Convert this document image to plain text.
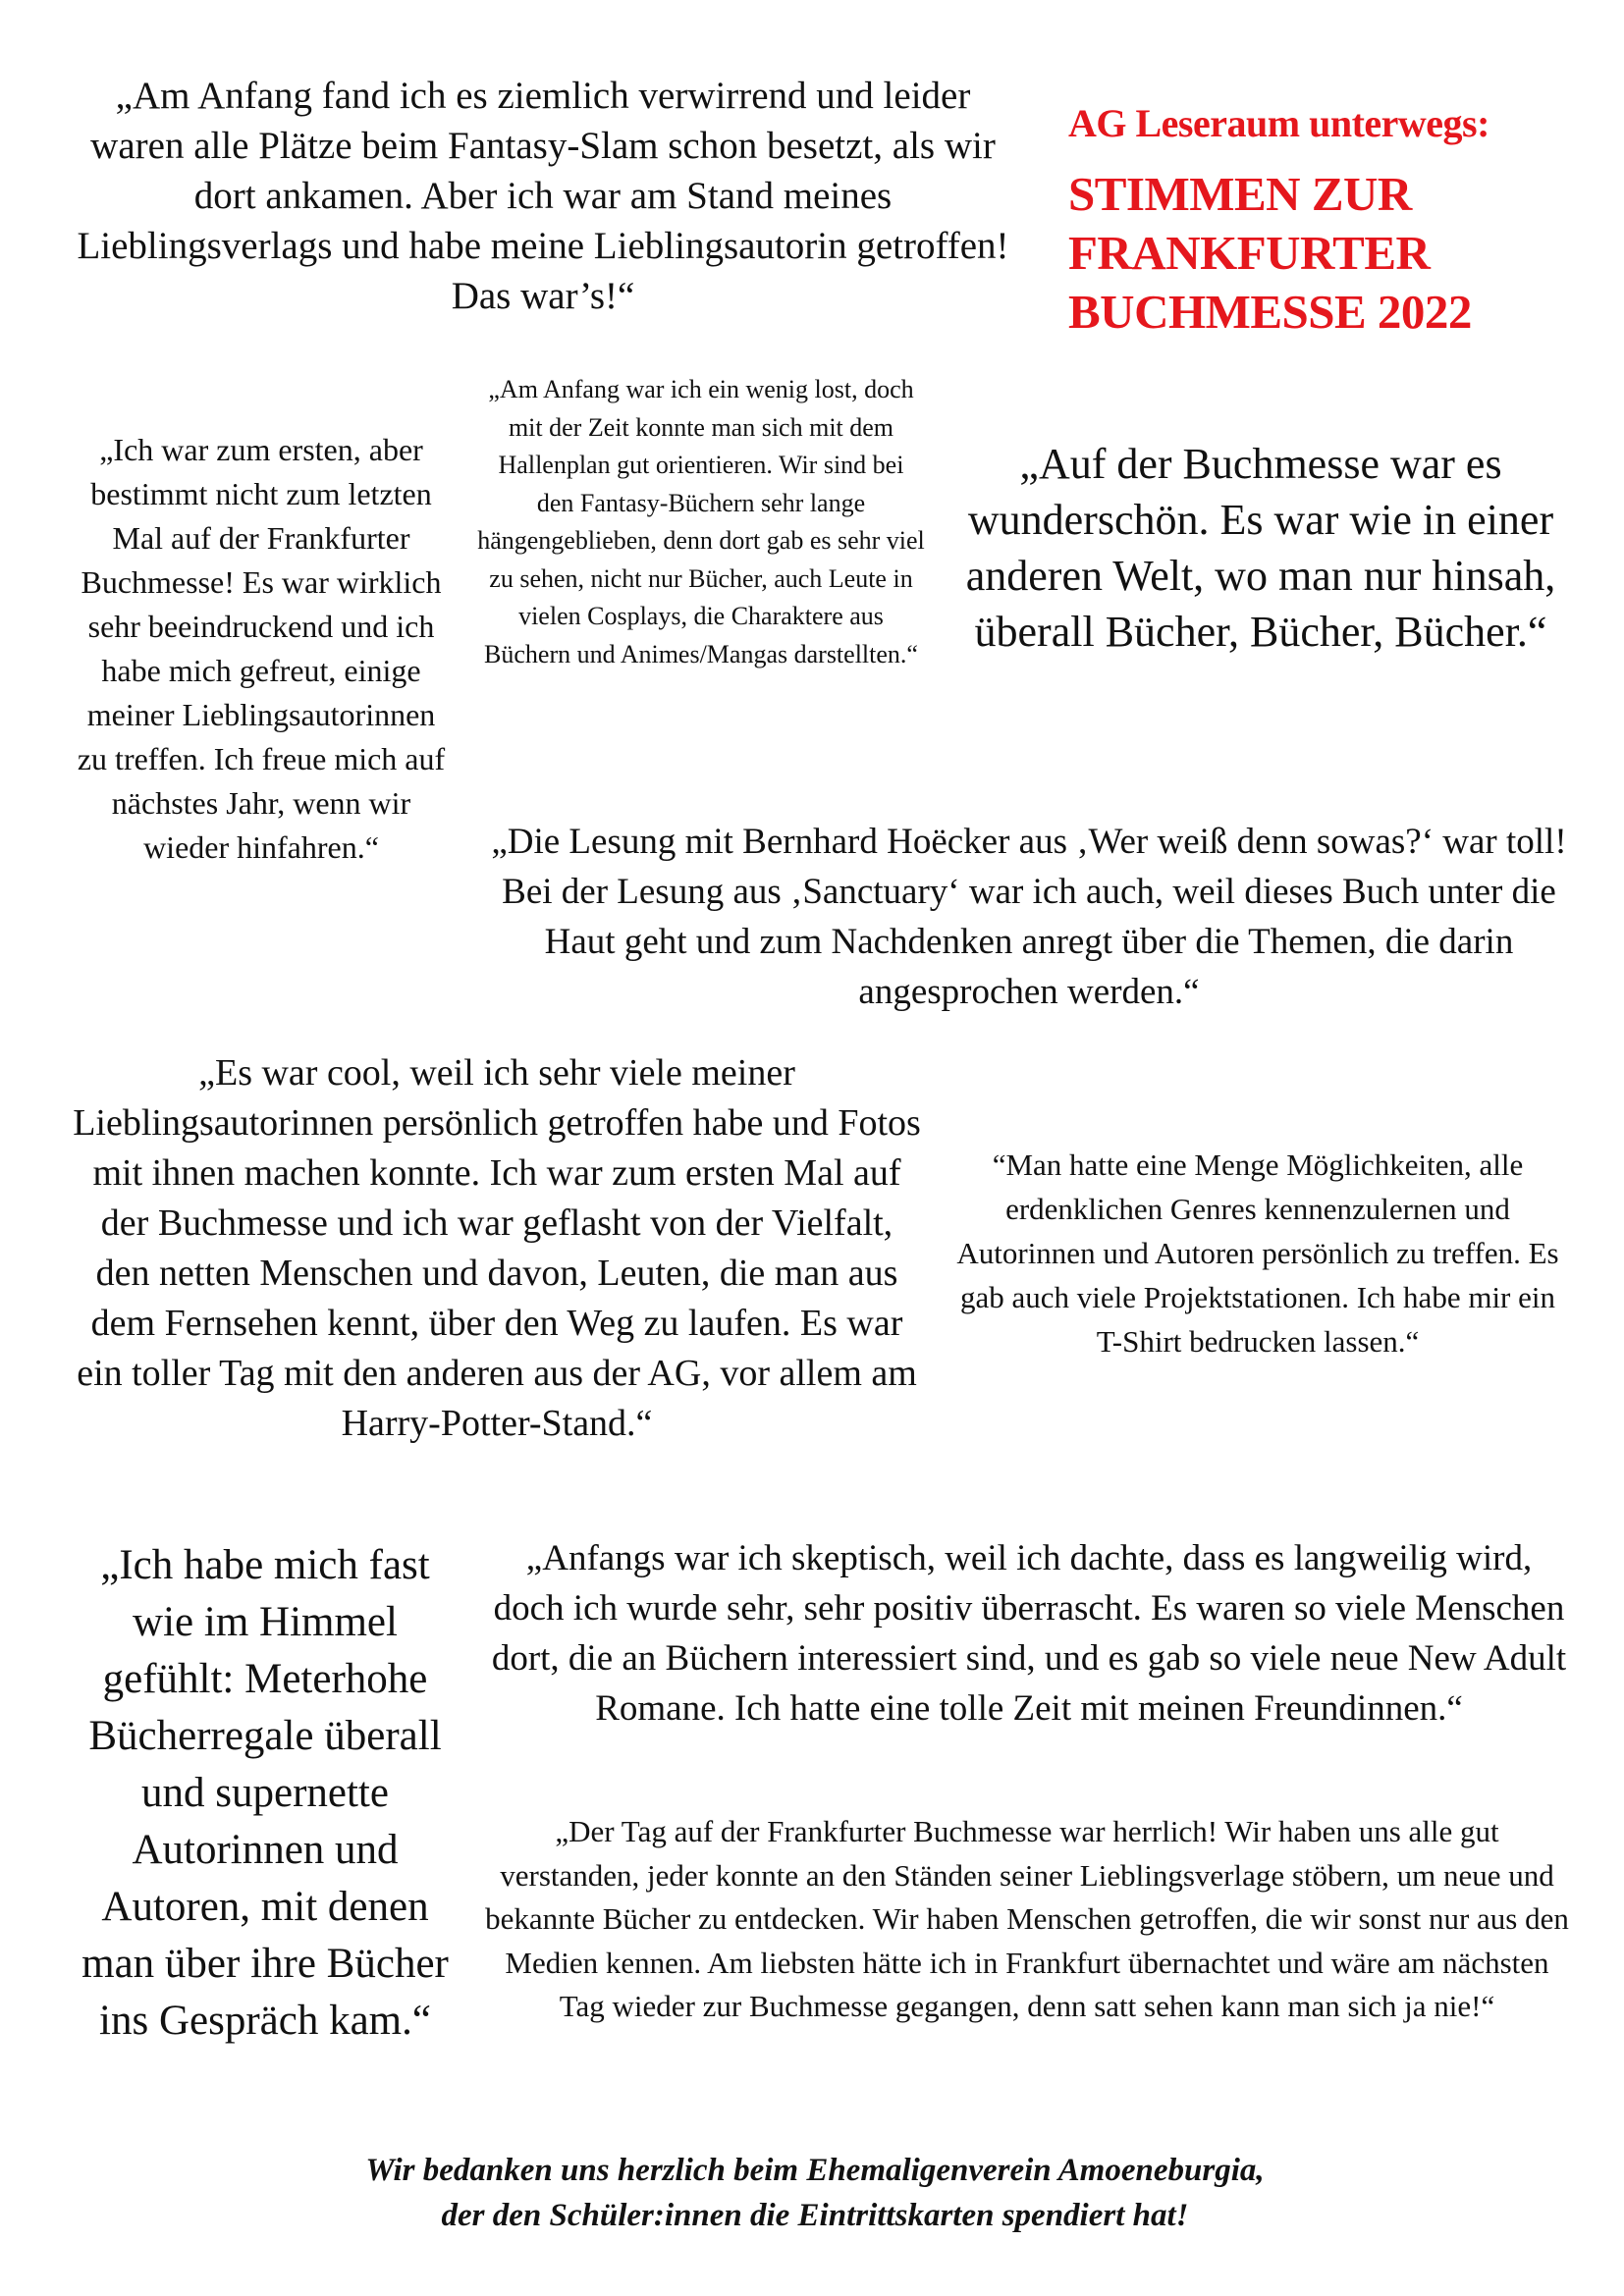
AG Leseraum unterwegs:

STIMMEN ZUR FRANKFURTER BUCHMESSE 2022

„Am Anfang fand ich es ziemlich verwirrend und leider waren alle Plätze beim Fantasy-Slam schon besetzt, als wir dort ankamen. Aber ich war am Stand meines Lieblingsverlags und habe meine Lieblingsautorin getroffen! Das war’s!“

„Am Anfang war ich ein wenig lost, doch mit der Zeit konnte man sich mit dem Hallenplan gut orientieren. Wir sind bei den Fantasy-Büchern sehr lange hängengeblieben, denn dort gab es sehr viel zu sehen, nicht nur Bücher, auch Leute in vielen Cosplays, die Charaktere aus Büchern und Animes/Mangas darstellten.“

„Ich war zum ersten, aber bestimmt nicht zum letzten Mal auf der Frankfurter Buchmesse! Es war wirklich sehr beeindruckend und ich habe mich gefreut, einige meiner Lieblingsautorinnen zu treffen. Ich freue mich auf nächstes Jahr, wenn wir wieder hinfahren.“

„Auf der Buchmesse war es wunderschön. Es war wie in einer anderen Welt, wo man nur hinsah, überall Bücher, Bücher, Bücher.“

„Die Lesung mit Bernhard Hoëcker aus ‚Wer weiß denn sowas?‘ war toll! Bei der Lesung aus ‚Sanctuary‘ war ich auch, weil dieses Buch unter die Haut geht und zum Nachdenken anregt über die Themen, die darin angesprochen werden.“

„Es war cool, weil ich sehr viele meiner Lieblingsautorinnen persönlich getroffen habe und Fotos mit ihnen machen konnte. Ich war zum ersten Mal auf der Buchmesse und ich war geflasht von der Vielfalt, den netten Menschen und davon, Leuten, die man aus dem Fernsehen kennt, über den Weg zu laufen. Es war ein toller Tag mit den anderen aus der AG, vor allem am Harry-Potter-Stand.“

“Man hatte eine Menge Möglichkeiten, alle erdenklichen Genres kennenzulernen und Autorinnen und Autoren persönlich zu treffen. Es gab auch viele Projektstationen. Ich habe mir ein T-Shirt bedrucken lassen.“

„Ich habe mich fast wie im Himmel gefühlt: Meterhohe Bücherregale überall und supernette Autorinnen und Autoren, mit denen man über ihre Bücher ins Gespräch kam.“

„Anfangs war ich skeptisch, weil ich dachte, dass es langweilig wird, doch ich wurde sehr, sehr positiv überrascht. Es waren so viele Menschen dort, die an Büchern interessiert sind, und es gab so viele neue New Adult Romane. Ich hatte eine tolle Zeit mit meinen Freundinnen.“

„Der Tag auf der Frankfurter Buchmesse war herrlich! Wir haben uns alle gut verstanden, jeder konnte an den Ständen seiner Lieblingsverlage stöbern, um neue und bekannte Bücher zu entdecken. Wir haben Menschen getroffen, die wir sonst nur aus den Medien kennen. Am liebsten hätte ich in Frankfurt übernachtet und wäre am nächsten Tag wieder zur Buchmesse gegangen, denn satt sehen kann man sich ja nie!“

Wir bedanken uns herzlich beim Ehemaligenverein Amoeneburgia,
der den Schüler:innen die Eintrittskarten spendiert hat!
